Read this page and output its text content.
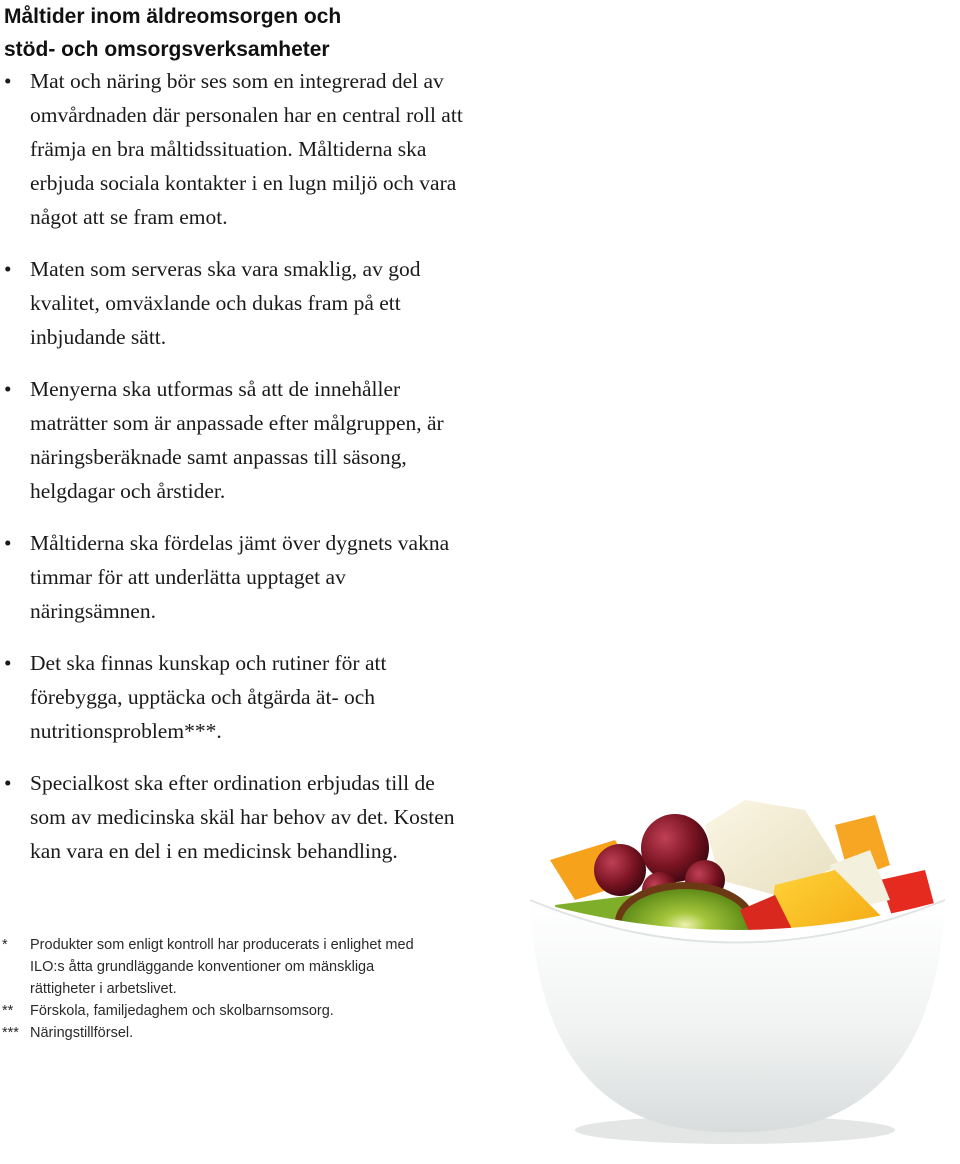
Måltider inom äldreomsorgen och
stöd- och omsorgsverksamheter
• Mat och näring bör ses som en integrerad del av omvårdnaden där personalen har en central roll att främja en bra måltidssituation. Måltiderna ska erbjuda sociala kontakter i en lugn miljö och vara något att se fram emot.
• Maten som serveras ska vara smaklig, av god kvalitet, omväxlande och dukas fram på ett inbjudande sätt.
• Menyerna ska utformas så att de innehåller maträtter som är anpassade efter målgruppen, är näringsberäknade samt anpassas till säsong, helgdagar och årstider.
• Måltiderna ska fördelas jämt över dygnets vakna timmar för att underlätta upptaget av näringsämnen.
• Det ska finnas kunskap och rutiner för att förebygga, upptäcka och åtgärda ät- och nutritionsproblem***.
• Specialkost ska efter ordination erbjudas till de som av medicinska skäl har behov av det. Kosten kan vara en del i en medicinsk behandling.
* Produkter som enligt kontroll har producerats i enlighet med ILO:s åtta grundläggande konventioner om mänskliga rättigheter i arbetslivet.
** Förskola, familjedaghem och skolbarnsomsorg.
*** Näringstillförsel.
